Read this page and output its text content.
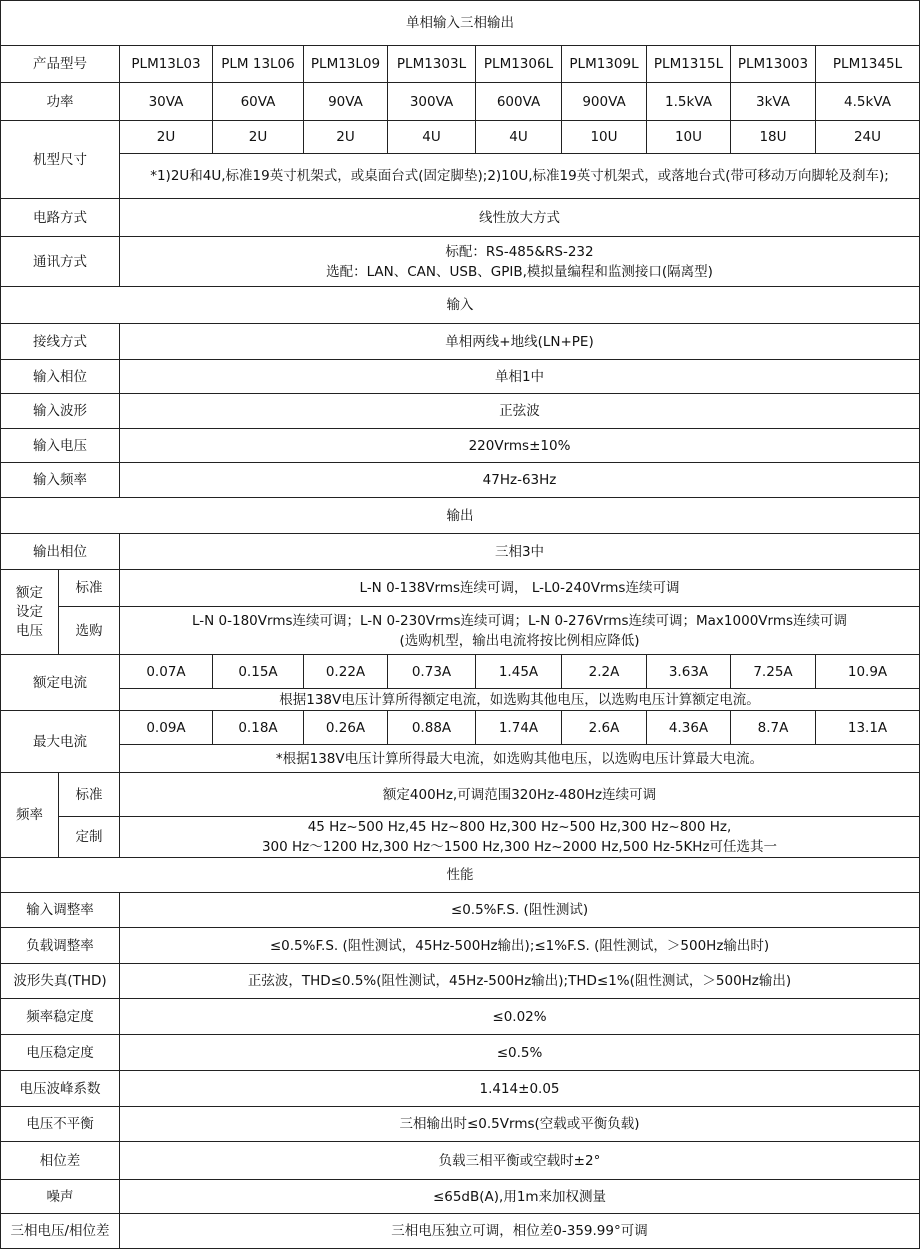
单相输入三相输出										
产品型号		PLM13L03	PLM 13L06	PLM13L09	PLM1303L	PLM1306L	PLM1309L	PLM1315L	PLM13003	PLM1345L
功率		30VA	60VA	90VA	300VA	600VA	900VA	1.5kVA	3kVA	4.5kVA
机型尺寸		2U	2U	2U	4U	4U	10U	10U	18U	24U
		*1)2U和4U,标准19英寸机架式，或桌面台式(固定脚垫);2)10U,标准19英寸机架式，或落地台式(带可移动万向脚轮及刹车);								
电路方式		线性放大方式								
通讯方式		标配：RS-485&RS-232
选配：LAN、CAN、USB、GPIB,模拟量编程和监测接口(隔离型)								

输入										
接线方式		单相两线+地线(LN+PE)								
输入相位		单相1中								
输入波形		正弦波								
输入电压		220Vrms±10%								
输入频率		47Hz-63Hz								
输出										
输出相位		三相3中								
额定
设定
电压	标准	L-N 0-138Vrms连续可调， L-L0-240Vrms连续可调								
	选购	L-N 0-180Vrms连续可调；L-N 0-230Vrms连续可调；L-N 0-276Vrms连续可调；Max1000Vrms连续可调
(选购机型，输出电流将按比例相应降低)								

额定电流		0.07A	0.15A	0.22A	0.73A	1.45A	2.2A	3.63A	7.25A	10.9A
		根据138V电压计算所得额定电流，如选购其他电压，以选购电压计算额定电流。								
最大电流		0.09A	0.18A	0.26A	0.88A	1.74A	2.6A	4.36A	8.7A	13.1A
		*根据138V电压计算所得最大电流，如选购其他电压，以选购电压计算最大电流。								
频率	标准	额定400Hz,可调范围320Hz-480Hz连续可调								
	定制	45 Hz~500 Hz,45 Hz~800 Hz,300 Hz~500 Hz,300 Hz~800 Hz,
300 Hz～1200 Hz,300 Hz～1500 Hz,300 Hz~2000 Hz,500 Hz-5KHz可任选其一								

性能										
输入调整率		≤0.5%F.S. (阻性测试)								
负载调整率		≤0.5%F.S. (阻性测试，45Hz-500Hz输出);≤1%F.S. (阻性测试，＞500Hz输出时)								
波形失真(THD)		正弦波，THD≤0.5%(阻性测试，45Hz-500Hz输出);THD≤1%(阻性测试，＞500Hz输出)								
频率稳定度		≤0.02%								
电压稳定度		≤0.5%								
电压波峰系数		1.414±0.05								
电压不平衡		三相输出时≤0.5Vrms(空载或平衡负载)								
相位差		负载三相平衡或空载时±2°								
噪声		≤65dB(A),用1m来加权测量								
三相电压/相位差		三相电压独立可调，相位差0-359.99°可调								
